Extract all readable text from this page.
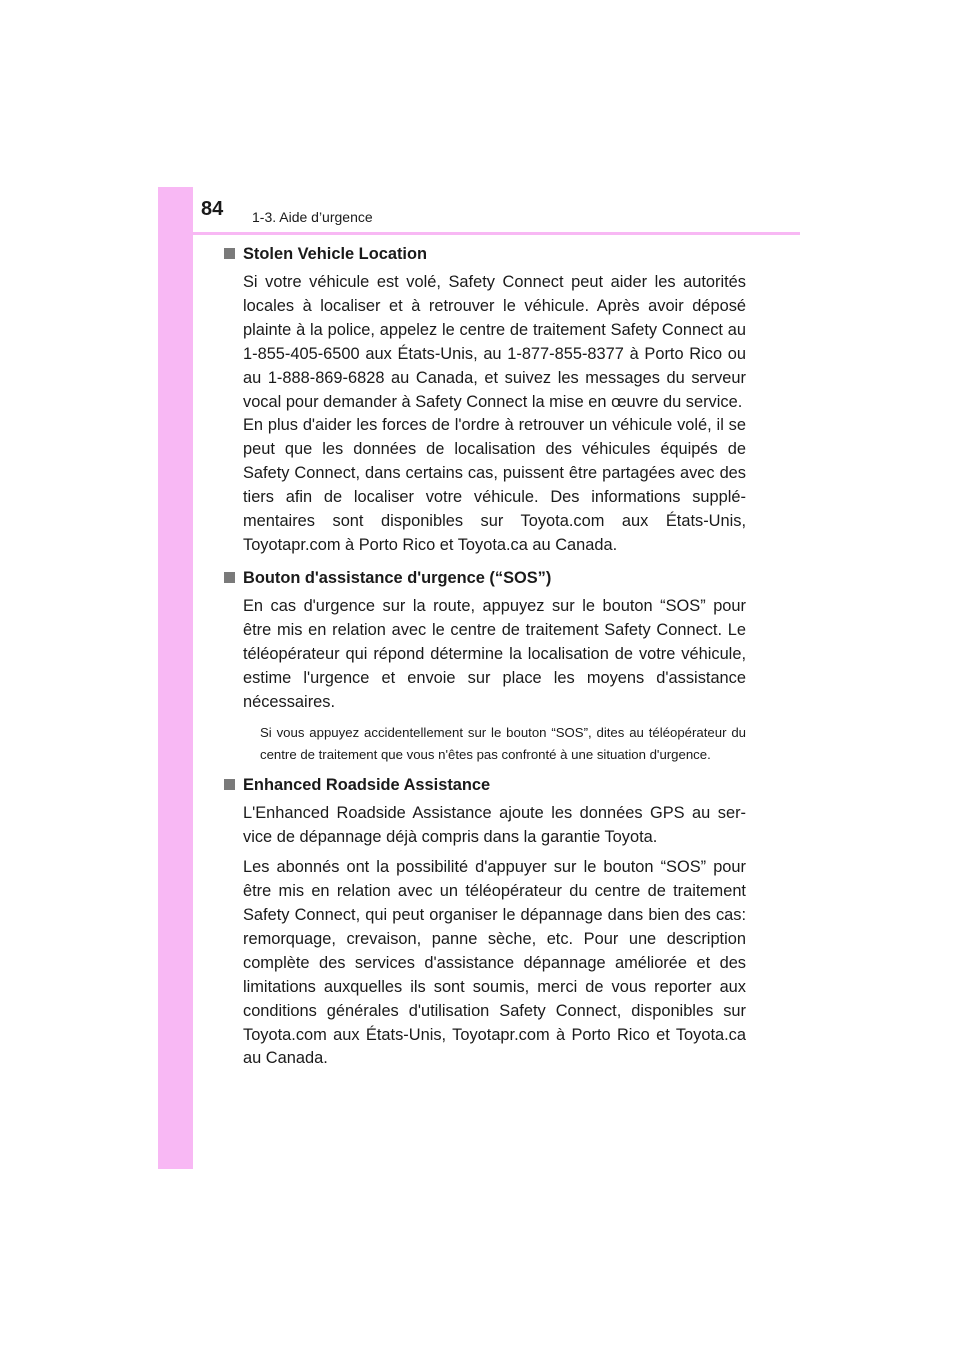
84 1-3. Aide d’urgence
Stolen Vehicle Location

Si votre véhicule est volé, Safety Connect peut aider les autorités locales à localiser et à retrouver le véhicule. Après avoir déposé plainte à la police, appelez le centre de traitement Safety Connect au 1-855-405-6500 aux États-Unis, au 1-877-855-8377 à Porto Rico ou au 1-888-869-6828 au Canada, et suivez les messages du serveur vocal pour demander à Safety Connect la mise en œuvre du service.

En plus d'aider les forces de l'ordre à retrouver un véhicule volé, il se peut que les données de localisation des véhicules équipés de Safety Connect, dans certains cas, puissent être partagées avec des tiers afin de localiser votre véhicule. Des informations supplémentaires sont disponibles sur Toyota.com aux États-Unis, Toyotapr.com à Porto Rico et Toyota.ca au Canada.

Bouton d'assistance d'urgence (“SOS”)

En cas d'urgence sur la route, appuyez sur le bouton “SOS” pour être mis en relation avec le centre de traitement Safety Connect. Le téléopérateur qui répond détermine la localisation de votre véhicule, estime l'urgence et envoie sur place les moyens d'assistance nécessaires.

Si vous appuyez accidentellement sur le bouton “SOS”, dites au téléopérateur du centre de traitement que vous n'êtes pas confronté à une situation d'urgence.

Enhanced Roadside Assistance

L'Enhanced Roadside Assistance ajoute les données GPS au service de dépannage déjà compris dans la garantie Toyota.

Les abonnés ont la possibilité d'appuyer sur le bouton “SOS” pour être mis en relation avec un téléopérateur du centre de traitement Safety Connect, qui peut organiser le dépannage dans bien des cas: remorquage, crevaison, panne sèche, etc. Pour une description complète des services d'assistance dépannage améliorée et des limitations auxquelles ils sont soumis, merci de vous reporter aux conditions générales d'utilisation Safety Connect, disponibles sur Toyota.com aux États-Unis, Toyotapr.com à Porto Rico et Toyota.ca au Canada.
